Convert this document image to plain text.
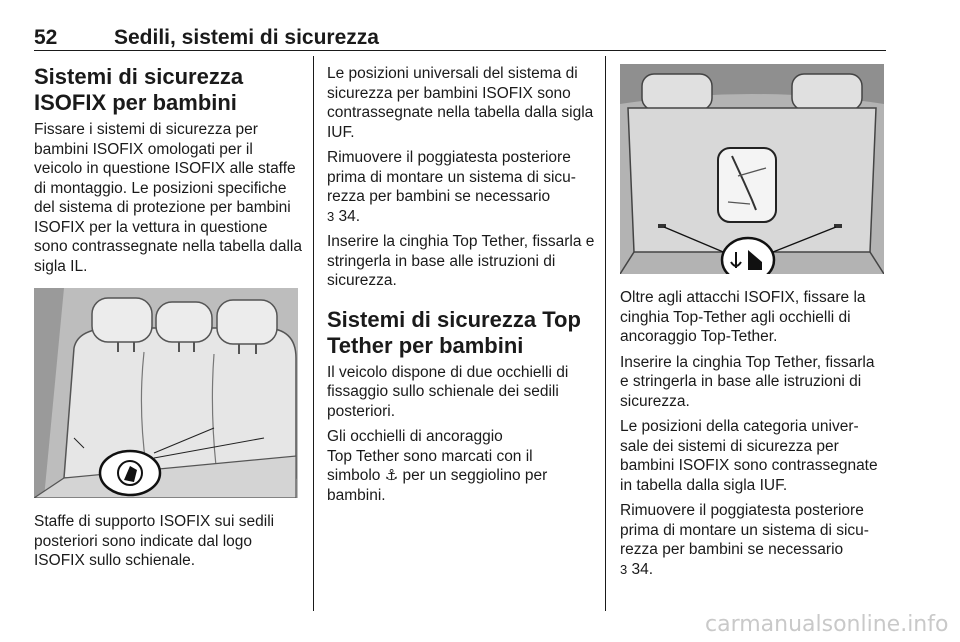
52	Sedili, sistemi di sicurezza
Sistemi di sicurezza ISOFIX per bambini

Fissare i sistemi di sicurezza per bambini ISOFIX omologati per il veicolo in questione ISOFIX alle staffe di montaggio. Le posizioni specifiche del sistema di protezione per bambini ISOFIX per la vettura in questione sono contrassegnate nella tabella dalla sigla IL.

Staffe di supporto ISOFIX sui sedili posteriori sono indicate dal logo ISOFIX sullo schienale.

Le posizioni universali del sistema di sicurezza per bambini ISOFIX sono contrassegnate nella tabella dalla sigla IUF.

Rimuovere il poggiatesta posteriore prima di montare un sistema di sicu-rezza per bambini se necessario
3 34.

Inserire la cinghia Top Tether, fissarla e stringerla in base alle istruzioni di sicurezza.

Sistemi di sicurezza Top Tether per bambini

Il veicolo dispone di due occhielli di fissaggio sullo schienale dei sedili posteriori.

Gli occhielli di ancoraggio
Top Tether sono marcati con il
simbolo ⚓ per un seggiolino per
bambini.

Oltre agli attacchi ISOFIX, fissare la cinghia Top-Tether agli occhielli di ancoraggio Top-Tether.

Inserire la cinghia Top Tether, fissarla e stringerla in base alle istruzioni di sicurezza.

Le posizioni della categoria univer-sale dei sistemi di sicurezza per bambini ISOFIX sono contrassegnate in tabella dalla sigla IUF.

Rimuovere il poggiatesta posteriore prima di montare un sistema di sicu-rezza per bambini se necessario
3 34.

carmanualsonline.info
